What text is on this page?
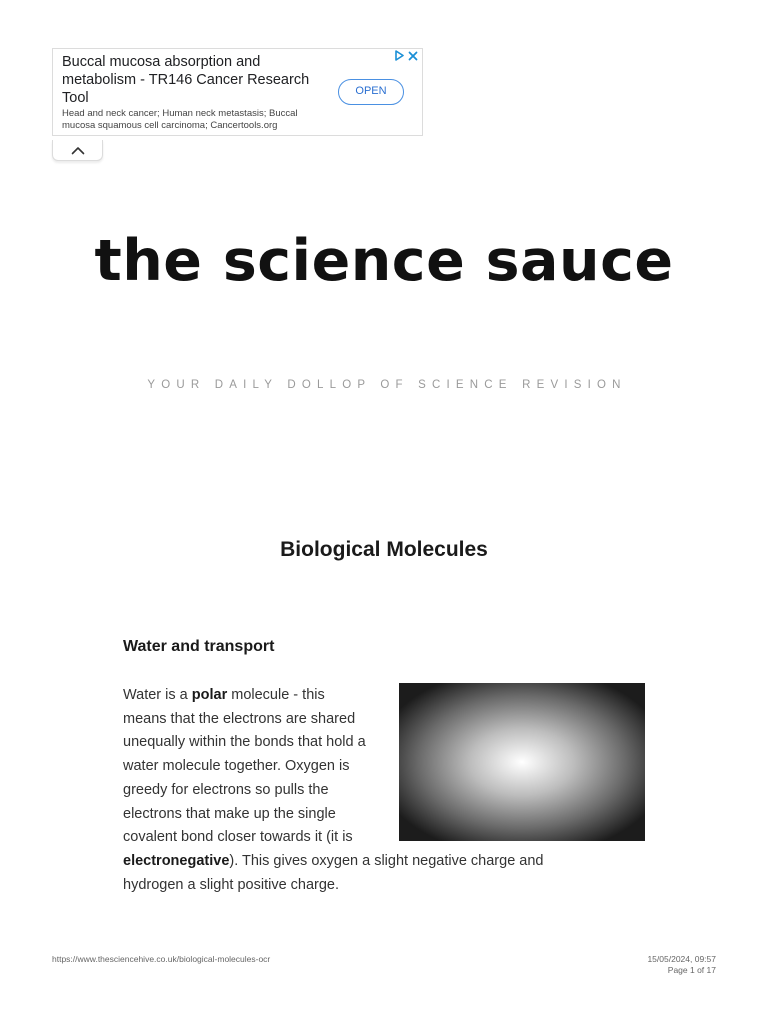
Buccal mucosa absorption and metabolism - TR146 Cancer Research Tool
Head and neck cancer; Human neck metastasis; Buccal mucosa squamous cell carcinoma; Cancertools.org
OPEN
the science sauce
YOUR DAILY DOLLOP OF SCIENCE REVISION
Biological Molecules
Water and transport
Water is a polar molecule - this means that the electrons are shared unequally within the bonds that hold a water molecule together. Oxygen is greedy for electrons so pulls the electrons that make up the single covalent bond closer towards it (it is electronegative). This gives oxygen a slight negative charge and hydrogen a slight positive charge.
https://www.thesciencehive.co.uk/biological-molecules-ocr	15/05/2024, 09:57
Page 1 of 17
